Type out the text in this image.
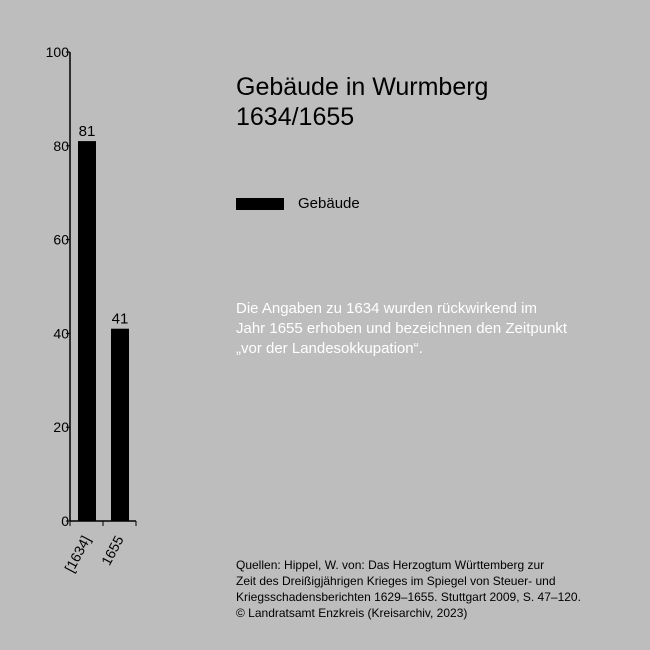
0
20
40
60
80
100
81
[1634]
41
1655
Gebäude in Wurmberg
1634/1655
Gebäude
Die Angaben zu 1634 wurden rückwirkend im
Jahr 1655 erhoben und bezeichnen den Zeitpunkt
„vor der Landesokkupation“.
Quellen: Hippel, W. von: Das Herzogtum Württemberg zur
Zeit des Dreißigjährigen Krieges im Spiegel von Steuer- und
Kriegsschadensberichten 1629–1655. Stuttgart 2009, S. 47–120.
© Landratsamt Enzkreis (Kreisarchiv, 2023)
